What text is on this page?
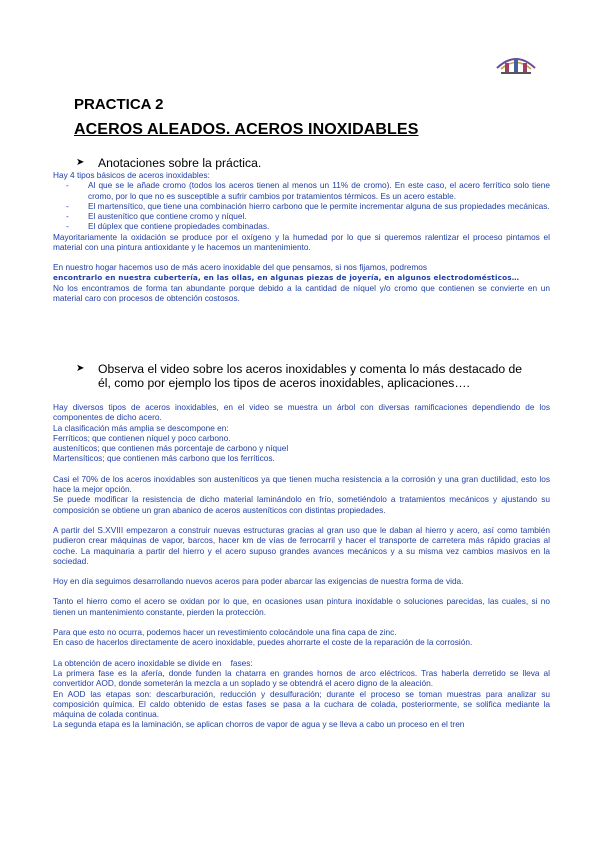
PRACTICA 2
ACEROS ALEADOS. ACEROS INOXIDABLES
➤ Anotaciones sobre la práctica.

Hay 4 tipos básicos de aceros inoxidables:

- Al que se le añade cromo (todos los aceros tienen al menos un 11% de cromo). En este caso, el acero ferrítico solo tiene cromo, por lo que no es susceptible a sufrir cambios por tratamientos térmicos. Es un acero estable.
- El martensítico, que tiene una combinación hierro carbono que le permite incrementar alguna de sus propiedades mecánicas.
- El austenítico que contiene cromo y níquel.
- El dúplex que contiene propiedades combinadas.

Mayoritariamente la oxidación se produce por el oxígeno y la humedad por lo que si queremos ralentizar el proceso pintamos el material con una pintura antioxidante y le hacemos un mantenimiento.

En nuestro hogar hacemos uso de más acero inoxidable del que pensamos, si nos fijamos, podremos

encontrarlo en nuestra cubertería, en las ollas, en algunas piezas de joyería, en algunos electrodomésticos…

No los encontramos de forma tan abundante porque debido a la cantidad de níquel y/o cromo que contienen se convierte en un material caro con procesos de obtención costosos.

➤ Observa el video sobre los aceros inoxidables y comenta lo más destacado de
él, como por ejemplo los tipos de aceros inoxidables, aplicaciones….

Hay diversos tipos de aceros inoxidables, en el video se muestra un árbol con diversas ramificaciones dependiendo de los componentes de dicho acero.

La clasificación más amplia se descompone en:

Ferríticos; que contienen níquel y poco carbono.

austeníticos; que contienen más porcentaje de carbono y níquel

Martensíticos; que contienen más carbono que los ferríticos.

Casi el 70% de los aceros inoxidables son austeníticos ya que tienen mucha resistencia a la corrosión y una gran ductilidad, esto los hace la mejor opción.

Se puede modificar la resistencia de dicho material laminándolo en frío, sometiéndolo a tratamientos mecánicos y ajustando su composición se obtiene un gran abanico de aceros austeníticos con distintas propiedades.

A partir del S.XVIII empezaron a construir nuevas estructuras gracias al gran uso que le daban al hierro y acero, así como también pudieron crear máquinas de vapor, barcos, hacer km de vías de ferrocarril y hacer el transporte de carretera más rápido gracias al coche. La maquinaria a partir del hierro y el acero supuso grandes avances mecánicos y a su misma vez cambios masivos en la sociedad.

Hoy en día seguimos desarrollando nuevos aceros para poder abarcar las exigencias de nuestra forma de vida.

Tanto el hierro como el acero se oxidan por lo que, en ocasiones usan pintura inoxidable o soluciones parecidas, las cuales, si no tienen un mantenimiento constante, pierden la protección.

Para que esto no ocurra, podemos hacer un revestimiento colocándole una fina capa de zinc.

En caso de hacerlos directamente de acero inoxidable, puedes ahorrarte el coste de la reparación de la corrosión.

La obtención de acero inoxidable se divide en    fases:

La primera fase es la afería, donde funden la chatarra en grandes hornos de arco eléctricos. Tras haberla derretido se lleva al convertidor AOD, donde someterán la mezcla a un soplado y se obtendrá el acero digno de la aleación.

En AOD las etapas son: descarburación, reducción y desulfuración; durante el proceso se toman muestras para analizar su composición química. El caldo obtenido de estas fases se pasa a la cuchara de colada, posteriormente, se solifica mediante la máquina de colada continua.

La segunda etapa es la laminación, se aplican chorros de vapor de agua y se lleva a cabo un proceso en el tren
